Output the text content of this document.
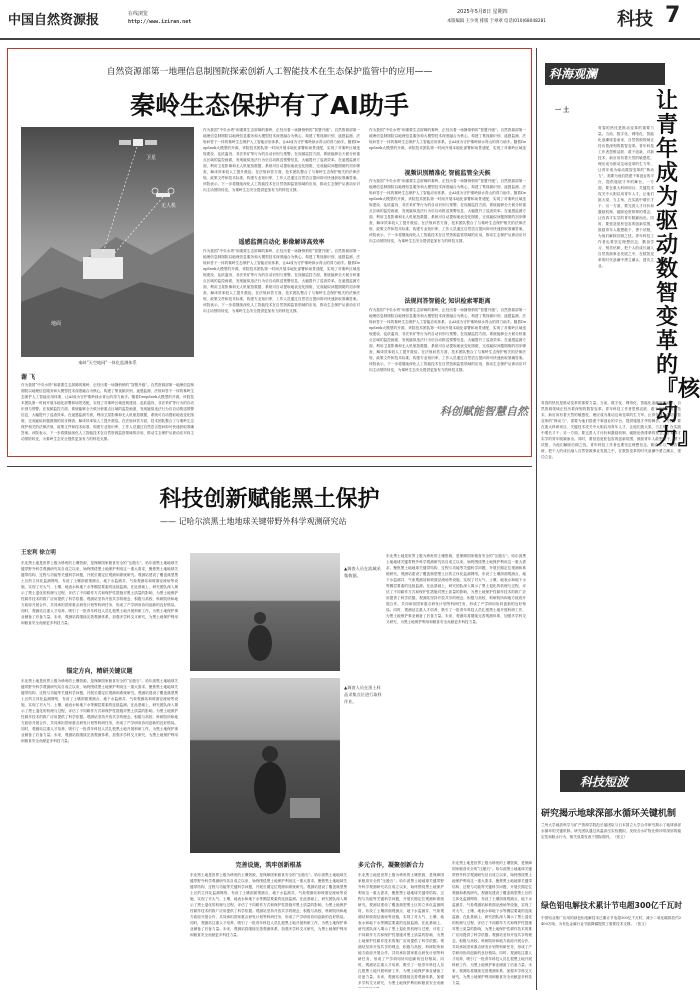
中国自然资源报	在线浏览
http://www.iziran.net
2025年5月8日 星期四
本版编辑 王少勇 排版 于翠翠 电话(010)68048281	科技 7
自然资源部第一地理信息制图院探索创新人工智能技术在生态保护监管中的应用——
秦岭生态保护有了AI助手
卫星
无人机
地面
秦岭"天空地网"一体化监测体系
谢 飞
作为我国“中央水塔”和重要生态屏障的秦岭，正经历着一场静悄悄的“智慧升级”。自然资源部第一地理信息制图院以地理信息服务和大模型技术深度融合为核心，构建了集视频识别、遥感监测、法规问答于一体的秦岭生态保护人工智能应用体系，让AI成为守护秦岭绿水青山的得力助手。随着DeepSeek大模型的开源，该院技术团队第一时间开展本地化部署和场景适配，实现了对秦岭区域违规建设、乱砍滥伐、非法采矿等行为的自动识别与预警。在视频监控方面，系统能够全天候分析重点区域的监控画面，发现疑似违法行为后自动推送预警信息，大幅提升了巡查效率。在遥感监测方面，利用卫星影像和无人机航拍数据，系统可自动提取地表变化图斑，完成疑似问题图斑的初步筛查，解译效率较人工提升数倍。在法规问答方面，技术团队整合了与秦岭生态保护相关的法律法规、政策文件和技术标准，构建专业知识库，工作人员通过自然语言提问即可快速获取准确答案。该院表示，下一步将继续深化人工智能技术在自然资源监管领域的应用，推动生态保护从被动应对向主动预防转变，为秦岭生态安全提供更加有力的科技支撑。
作为我国“中央水塔”和重要生态屏障的秦岭，正经历着一场静悄悄的“智慧升级”。自然资源部第一地理信息制图院以地理信息服务和大模型技术深度融合为核心，构建了集视频识别、遥感监测、法规问答于一体的秦岭生态保护人工智能应用体系，让AI成为守护秦岭绿水青山的得力助手。随着DeepSeek大模型的开源，该院技术团队第一时间开展本地化部署和场景适配，实现了对秦岭区域违规建设、乱砍滥伐、非法采矿等行为的自动识别与预警。在视频监控方面，系统能够全天候分析重点区域的监控画面，发现疑似违法行为后自动推送预警信息，大幅提升了巡查效率。在遥感监测方面，利用卫星影像和无人机航拍数据，系统可自动提取地表变化图斑，完成疑似问题图斑的初步筛查，解译效率较人工提升数倍。在法规问答方面，技术团队整合了与秦岭生态保护相关的法律法规、政策文件和技术标准，构建专业知识库，工作人员通过自然语言提问即可快速获取准确答案。该院表示，下一步将继续深化人工智能技术在自然资源监管领域的应用，推动生态保护从被动应对向主动预防转变，为秦岭生态安全提供更加有力的科技支撑。
遥感监测自动化 影像解译高效率
作为我国“中央水塔”和重要生态屏障的秦岭，正经历着一场静悄悄的“智慧升级”。自然资源部第一地理信息制图院以地理信息服务和大模型技术深度融合为核心，构建了集视频识别、遥感监测、法规问答于一体的秦岭生态保护人工智能应用体系，让AI成为守护秦岭绿水青山的得力助手。随着DeepSeek大模型的开源，该院技术团队第一时间开展本地化部署和场景适配，实现了对秦岭区域违规建设、乱砍滥伐、非法采矿等行为的自动识别与预警。在视频监控方面，系统能够全天候分析重点区域的监控画面，发现疑似违法行为后自动推送预警信息，大幅提升了巡查效率。在遥感监测方面，利用卫星影像和无人机航拍数据，系统可自动提取地表变化图斑，完成疑似问题图斑的初步筛查，解译效率较人工提升数倍。在法规问答方面，技术团队整合了与秦岭生态保护相关的法律法规、政策文件和技术标准，构建专业知识库，工作人员通过自然语言提问即可快速获取准确答案。该院表示，下一步将继续深化人工智能技术在自然资源监管领域的应用，推动生态保护从被动应对向主动预防转变，为秦岭生态安全提供更加有力的科技支撑。
作为我国“中央水塔”和重要生态屏障的秦岭，正经历着一场静悄悄的“智慧升级”。自然资源部第一地理信息制图院以地理信息服务和大模型技术深度融合为核心，构建了集视频识别、遥感监测、法规问答于一体的秦岭生态保护人工智能应用体系，让AI成为守护秦岭绿水青山的得力助手。随着DeepSeek大模型的开源，该院技术团队第一时间开展本地化部署和场景适配，实现了对秦岭区域违
视频识别精准化 智能监管全天候
作为我国“中央水塔”和重要生态屏障的秦岭，正经历着一场静悄悄的“智慧升级”。自然资源部第一地理信息制图院以地理信息服务和大模型技术深度融合为核心，构建了集视频识别、遥感监测、法规问答于一体的秦岭生态保护人工智能应用体系，让AI成为守护秦岭绿水青山的得力助手。随着DeepSeek大模型的开源，该院技术团队第一时间开展本地化部署和场景适配，实现了对秦岭区域违规建设、乱砍滥伐、非法采矿等行为的自动识别与预警。在视频监控方面，系统能够全天候分析重点区域的监控画面，发现疑似违法行为后自动推送预警信息，大幅提升了巡查效率。在遥感监测方面，利用卫星影像和无人机航拍数据，系统可自动提取地表变化图斑，完成疑似问题图斑的初步筛查，解译效率较人工提升数倍。在法规问答方面，技术团队整合了与秦岭生态保护相关的法律法规、政策文件和技术标准，构建专业知识库，工作人员通过自然语言提问即可快速获取准确答案。该院表示，下一步将继续深化人工智能技术在自然资源监管领域的应用，推动生态保护从被动应对向主动预防转变，为秦岭生态安全提供更加有力的科技支撑。
法规问答智能化 知识检索零距离
作为我国“中央水塔”和重要生态屏障的秦岭，正经历着一场静悄悄的“智慧升级”。自然资源部第一地理信息制图院以地理信息服务和大模型技术深度融合为核心，构建了集视频识别、遥感监测、法规问答于一体的秦岭生态保护人工智能应用体系，让AI成为守护秦岭绿水青山的得力助手。随着DeepSeek大模型的开源，该院技术团队第一时间开展本地化部署和场景适配，实现了对秦岭区域违规建设、乱砍滥伐、非法采矿等行为的自动识别与预警。在视频监控方面，系统能够全天候分析重点区域的监控画面，发现疑似违法行为后自动推送预警信息，大幅提升了巡查效率。在遥感监测方面，利用卫星影像和无人机航拍数据，系统可自动提取地表变化图斑，完成疑似问题图斑的初步筛查，解译效率较人工提升数倍。在法规问答方面，技术团队整合了与秦岭生态保护相关的法律法规、政策文件和技术标准，构建专业知识库，工作人员通过自然语言提问即可快速获取准确答案。该院表示，下一步将继续深化人工智能技术在自然资源监管领域的应用，推动生态保护从被动应对向主动预防转变，为秦岭生态安全提供更加有力的科技支撑。
科创赋能智慧自然
科海观澜
一 土	让青年成为驱动数智变革的『核动力』
青春的热忱是推动变革的重要力量。当前，数字化、网络化、智能化浪潮席卷而来，自然资源领域正经历着深刻的数智变革。青年科技工作者思维活跃、敢于创新，对新技术、新应用有着天然的敏感性，理应成为推动这场变革的生力军。让青年成为驱动数智变革的“核动力”，需要为他们搭建干事创业的平台，提供施展才华的舞台。一方面，要在重大科研项目、关键技术攻关中大胆启用青年人才，让他们挑大梁、当主角，在实践中增长才干；另一方面，要完善人才评价和激励机制，破除论资排辈的观念，让有真才实学的青年脱颖而出。同时，要营造宽松包容的创新氛围，鼓励青年人敢想敢干、勇于试错，为他们解除后顾之忧。青年科技工作者也要坚定理想信念，勤奋学习、刻苦钻研，把个人的成长融入自然资源事业发展之中，在数智变革的时代浪潮中勇立潮头、建功立业。
青春的热忱是推动变革的重要力量。当前，数字化、网络化、智能化浪潮席卷而来，自然资源领域正经历着深刻的数智变革。青年科技工作者思维活跃、敢于创新，对新技术、新应用有着天然的敏感性，理应成为推动这场变革的生力军。让青年成为驱动数智变革的“核动力”，需要为他们搭建干事创业的平台，提供施展才华的舞台。一方面，要在重大科研项目、关键技术攻关中大胆启用青年人才，让他们挑大梁、当主角，在实践中增长才干；另一方面，要完善人才评价和激励机制，破除论资排辈的观念，让有真才实学的青年脱颖而出。同时，要营造宽松包容的创新氛围，鼓励青年人敢想敢干、勇于试错，为他们解除后顾之忧。青年科技工作者也要坚定理想信念，勤奋学习、刻苦钻研，把个人的成长融入自然资源事业发展之中，在数智变革的时代浪潮中勇立潮头、建功立业。
科技创新赋能黑土保护
—— 记哈尔滨黑土地地球关键带野外科学观测研究站
王宏利 徐立明
东北黑土地是世界上极为珍贵的土壤资源，是保障国家粮食安全的“压舱石”。哈尔滨黑土地地球关键带野外科学观测研究站自成立以来，始终围绕黑土地保护利用这一重大需求，聚焦黑土地地球关键带结构、过程与功能等关键科学问题，开展长期定位观测和系统研究。观测站建设了覆盖典型黑土区的立体化监测网络，布设了土壤剖面观测点、地下水监测井、气象观测站和坡面径流场等设施，实现了对大气、土壤、地表水和地下水等圈层要素的连续监测。在此基础上，研究团队深入揭示了黑土退化的机理与过程，评估了不同耕作方式和保护性措施对黑土质量的影响，为黑土地保护性耕作技术的推广应用提供了科学依据。观测站坚持开放共享的理念，积极与高校、科研院所和地方政府开展合作，共同承担国家重点研发计划等科研任务，形成了产学研用协同创新的良好格局。同时，观测站注重人才培养，吸引了一批青年科技人员扎根黑土地开展科研工作，为黑土地保护事业储备了后备力量。未来，观测站将继续完善观测体系，加强多学科交叉研究，为黑土地保护利用和粮食安全贡献更多科技力量。
锚定方向，精研关键议题
东北黑土地是世界上极为珍贵的土壤资源，是保障国家粮食安全的“压舱石”。哈尔滨黑土地地球关键带野外科学观测研究站自成立以来，始终围绕黑土地保护利用这一重大需求，聚焦黑土地地球关键带结构、过程与功能等关键科学问题，开展长期定位观测和系统研究。观测站建设了覆盖典型黑土区的立体化监测网络，布设了土壤剖面观测点、地下水监测井、气象观测站和坡面径流场等设施，实现了对大气、土壤、地表水和地下水等圈层要素的连续监测。在此基础上，研究团队深入揭示了黑土退化的机理与过程，评估了不同耕作方式和保护性措施对黑土质量的影响，为黑土地保护性耕作技术的推广应用提供了科学依据。观测站坚持开放共享的理念，积极与高校、科研院所和地方政府开展合作，共同承担国家重点研发计划等科研任务，形成了产学研用协同创新的良好格局。同时，观测站注重人才培养，吸引了一批青年科技人员扎根黑土地开展科研工作，为黑土地保护事业储备了后备力量。未来，观测站将继续完善观测体系，加强多学科交叉研究，为黑土地保护利用和粮食安全贡献更多科技力量。
▲调查人员在流域采集数据。
▲调查人员在黑土样品采集点位进行取样作业。
东北黑土地是世界上极为珍贵的土壤资源，是保障国家粮食安全的“压舱石”。哈尔滨黑土地地球关键带野外科学观测研究站自成立以来，始终围绕黑土地保护利用这一重大需求，聚焦黑土地地球关键带结构、过程与功能等关键科学问题，开展长期定位观测和系统研究。观测站建设了覆盖典型黑土区的立体化监测网络，布设了土壤剖面观测点、地下水监测井、气象观测站和坡面径流场等设施，实现了对大气、土壤、地表水和地下水等圈层要素的连续监测。在此基础上，研究团队深入揭示了黑土退化的机理与过程，评估了不同耕作方式和保护性措施对黑土质量的影响，为黑土地保护性耕作技术的推广应用提供了科学依据。观测站坚持开放共享的理念，积极与高校、科研院所和地方政府开展合作，共同承担国家重点研发计划等科研任务，形成了产学研用协同创新的良好格局。同时，观测站注重人才培养，吸引了一批青年科技人员扎根黑土地开展科研工作，为黑土地保护事业储备了后备力量。未来，观测站将继续完善观测体系，加强多学科交叉研究，为黑土地保护利用和粮食安全贡献更多科技力量。
完善设施，筑牢创新根基
东北黑土地是世界上极为珍贵的土壤资源，是保障国家粮食安全的“压舱石”。哈尔滨黑土地地球关键带野外科学观测研究站自成立以来，始终围绕黑土地保护利用这一重大需求，聚焦黑土地地球关键带结构、过程与功能等关键科学问题，开展长期定位观测和系统研究。观测站建设了覆盖典型黑土区的立体化监测网络，布设了土壤剖面观测点、地下水监测井、气象观测站和坡面径流场等设施，实现了对大气、土壤、地表水和地下水等圈层要素的连续监测。在此基础上，研究团队深入揭示了黑土退化的机理与过程，评估了不同耕作方式和保护性措施对黑土质量的影响，为黑土地保护性耕作技术的推广应用提供了科学依据。观测站坚持开放共享的理念，积极与高校、科研院所和地方政府开展合作，共同承担国家重点研发计划等科研任务，形成了产学研用协同创新的良好格局。同时，观测站注重人才培养，吸引了一批青年科技人员扎根黑土地开展科研工作，为黑土地保护事业储备了后备力量。未来，观测站将继续完善观测体系，加强多学科交叉研究，为黑土地保护利用和粮食安全贡献更多科技力量。
多元合作，凝聚创新合力
东北黑土地是世界上极为珍贵的土壤资源，是保障国家粮食安全的“压舱石”。哈尔滨黑土地地球关键带野外科学观测研究站自成立以来，始终围绕黑土地保护利用这一重大需求，聚焦黑土地地球关键带结构、过程与功能等关键科学问题，开展长期定位观测和系统研究。观测站建设了覆盖典型黑土区的立体化监测网络，布设了土壤剖面观测点、地下水监测井、气象观测站和坡面径流场等设施，实现了对大气、土壤、地表水和地下水等圈层要素的连续监测。在此基础上，研究团队深入揭示了黑土退化的机理与过程，评估了不同耕作方式和保护性措施对黑土质量的影响，为黑土地保护性耕作技术的推广应用提供了科学依据。观测站坚持开放共享的理念，积极与高校、科研院所和地方政府开展合作，共同承担国家重点研发计划等科研任务，形成了产学研用协同创新的良好格局。同时，观测站注重人才培养，吸引了一批青年科技人员扎根黑土地开展科研工作，为黑土地保护事业储备了后备力量。未来，观测站将继续完善观测体系，加强多学科交叉研究，为黑土地保护利用和粮食安全贡献
东北黑土地是世界上极为珍贵的土壤资源，是保障国家粮食安全的“压舱石”。哈尔滨黑土地地球关键带野外科学观测研究站自成立以来，始终围绕黑土地保护利用这一重大需求，聚焦黑土地地球关键带结构、过程与功能等关键科学问题，开展长期定位观测和系统研究。观测站建设了覆盖典型黑土区的立体化监测网络，布设了土壤剖面观测点、地下水监测井、气象观测站和坡面径流场等设施，实现了对大气、土壤、地表水和地下水等圈层要素的连续监测。在此基础上，研究团队深入揭示了黑土退化的机理与过程，评估了不同耕作方式和保护性措施对黑土质量的影响，为黑土地保护性耕作技术的推广应用提供了科学依据。观测站坚持开放共享的理念，积极与高校、科研院所和地方政府开展合作，共同承担国家重点研发计划等科研任务，形成了产学研用协同创新的良好格局。同时，观测站注重人才培养，吸引了一批青年科技人员扎根黑土地开展科研工作，为黑土地保护事业储备了后备力量。未来，观测站将继续完善观测体系，加强多学科交叉研究，为黑土地保护利用和粮食安全贡献更多科技力量。
科技短波
研究揭示地球深部水循环关键机制
兰州大学地质科学与矿产资源学院范长福团队与日本国立大学合作研究揭示了地球深部水循环的关键机制。研究团队通过高温高压实验模拟，发现含水矿物在俯冲带深部的稳定性和脱水行为，相关成果发表于国际期刊。（张文）
绿色铝电解技术累计节电超300亿千瓦时
中国铝业推广应用的绿色铝电解技术已累计节电超300亿千瓦时，减少二氧化碳排放约2400万吨，为有色金属行业节能降碳提供了重要技术支撑。（张文）
